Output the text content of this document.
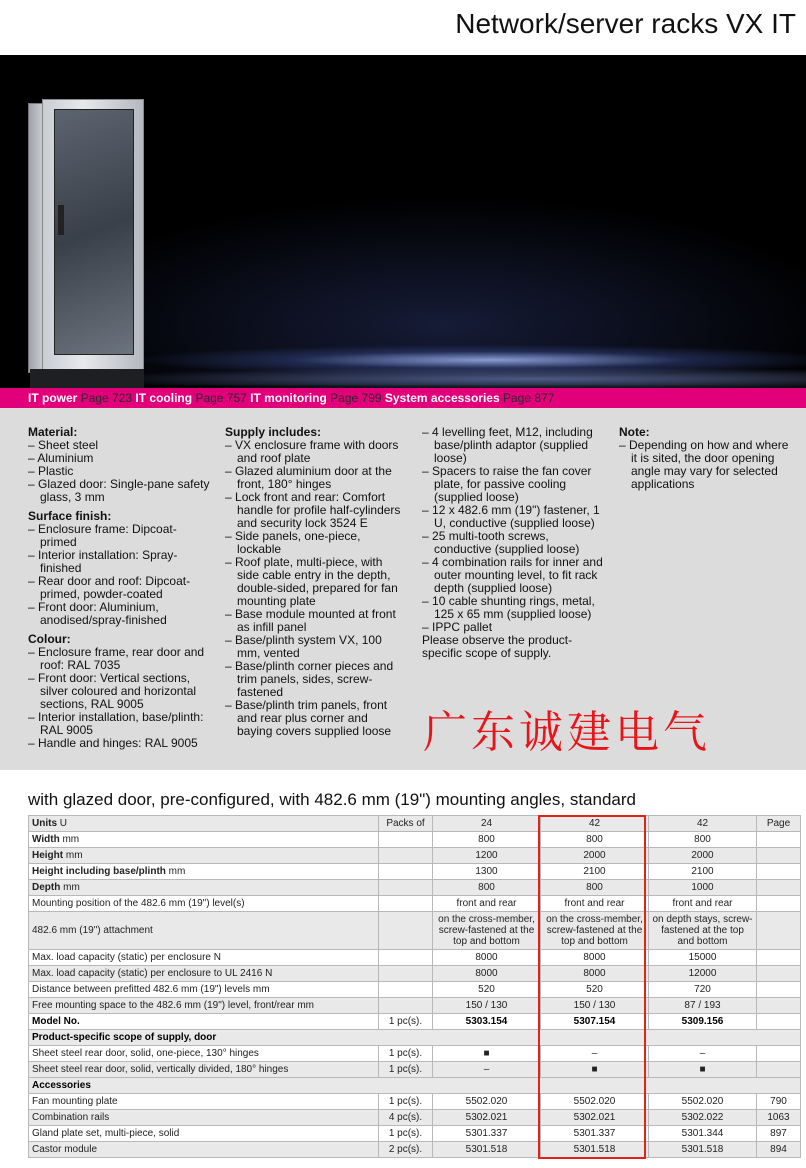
Network/server racks VX IT
IT power Page 723 IT cooling Page 757 IT monitoring Page 799 System accessories Page 877
Material:
– Sheet steel
– Aluminium
– Plastic
– Glazed door: Single-pane safety glass, 3 mm
Surface finish:
– Enclosure frame: Dipcoat-primed
– Interior installation: Spray-finished
– Rear door and roof: Dipcoat-primed, powder-coated
– Front door: Aluminium, anodised/spray-finished
Colour:
– Enclosure frame, rear door and roof: RAL 7035
– Front door: Vertical sections, silver coloured and horizontal sections, RAL 9005
– Interior installation, base/plinth: RAL 9005
– Handle and hinges: RAL 9005
Supply includes:
– VX enclosure frame with doors and roof plate
– Glazed aluminium door at the front, 180° hinges
– Lock front and rear: Comfort handle for profile half-cylinders and security lock 3524 E
– Side panels, one-piece, lockable
– Roof plate, multi-piece, with side cable entry in the depth, double-sided, prepared for fan mounting plate
– Base module mounted at front as infill panel
– Base/plinth system VX, 100 mm, vented
– Base/plinth corner pieces and trim panels, sides, screw-fastened
– Base/plinth trim panels, front and rear plus corner and baying covers supplied loose
– 4 levelling feet, M12, including base/plinth adaptor (supplied loose)
– Spacers to raise the fan cover plate, for passive cooling (supplied loose)
– 12 x 482.6 mm (19") fastener, 1 U, conductive (supplied loose)
– 25 multi-tooth screws, conductive (supplied loose)
– 4 combination rails for inner and outer mounting level, to fit rack depth (supplied loose)
– 10 cable shunting rings, metal, 125 x 65 mm (supplied loose)
– IPPC pallet
Please observe the product-specific scope of supply.
Note:
– Depending on how and where it is sited, the door opening angle may vary for selected applications
广东诚建电气
with glazed door, pre-configured, with 482.6 mm (19") mounting angles, standard
Units U	Packs of	24	42	42	Page
Width mm		800	800	800	
Height mm		1200	2000	2000	
Height including base/plinth mm		1300	2100	2100	
Depth mm		800	800	1000	
Mounting position of the 482.6 mm (19") level(s)		front and rear	front and rear	front and rear	
482.6 mm (19") attachment		on the cross-member, screw-fastened at the top and bottom	on the cross-member, screw-fastened at the top and bottom	on depth stays, screw-fastened at the top and bottom	
Max. load capacity (static) per enclosure N		8000	8000	15000	
Max. load capacity (static) per enclosure to UL 2416 N		8000	8000	12000	
Distance between prefitted 482.6 mm (19") levels mm		520	520	720	
Free mounting space to the 482.6 mm (19") level, front/rear mm		150 / 130	150 / 130	87 / 193	
Model No.	1 pc(s).	5303.154	5307.154	5309.156	
Product-specific scope of supply, door					
Sheet steel rear door, solid, one-piece, 130° hinges	1 pc(s).	■	–	–	
Sheet steel rear door, solid, vertically divided, 180° hinges	1 pc(s).	–	■	■	
Accessories					
Fan mounting plate	1 pc(s).	5502.020	5502.020	5502.020	790
Combination rails	4 pc(s).	5302.021	5302.021	5302.022	1063
Gland plate set, multi-piece, solid	1 pc(s).	5301.337	5301.337	5301.344	897
Castor module	2 pc(s).	5301.518	5301.518	5301.518	894
